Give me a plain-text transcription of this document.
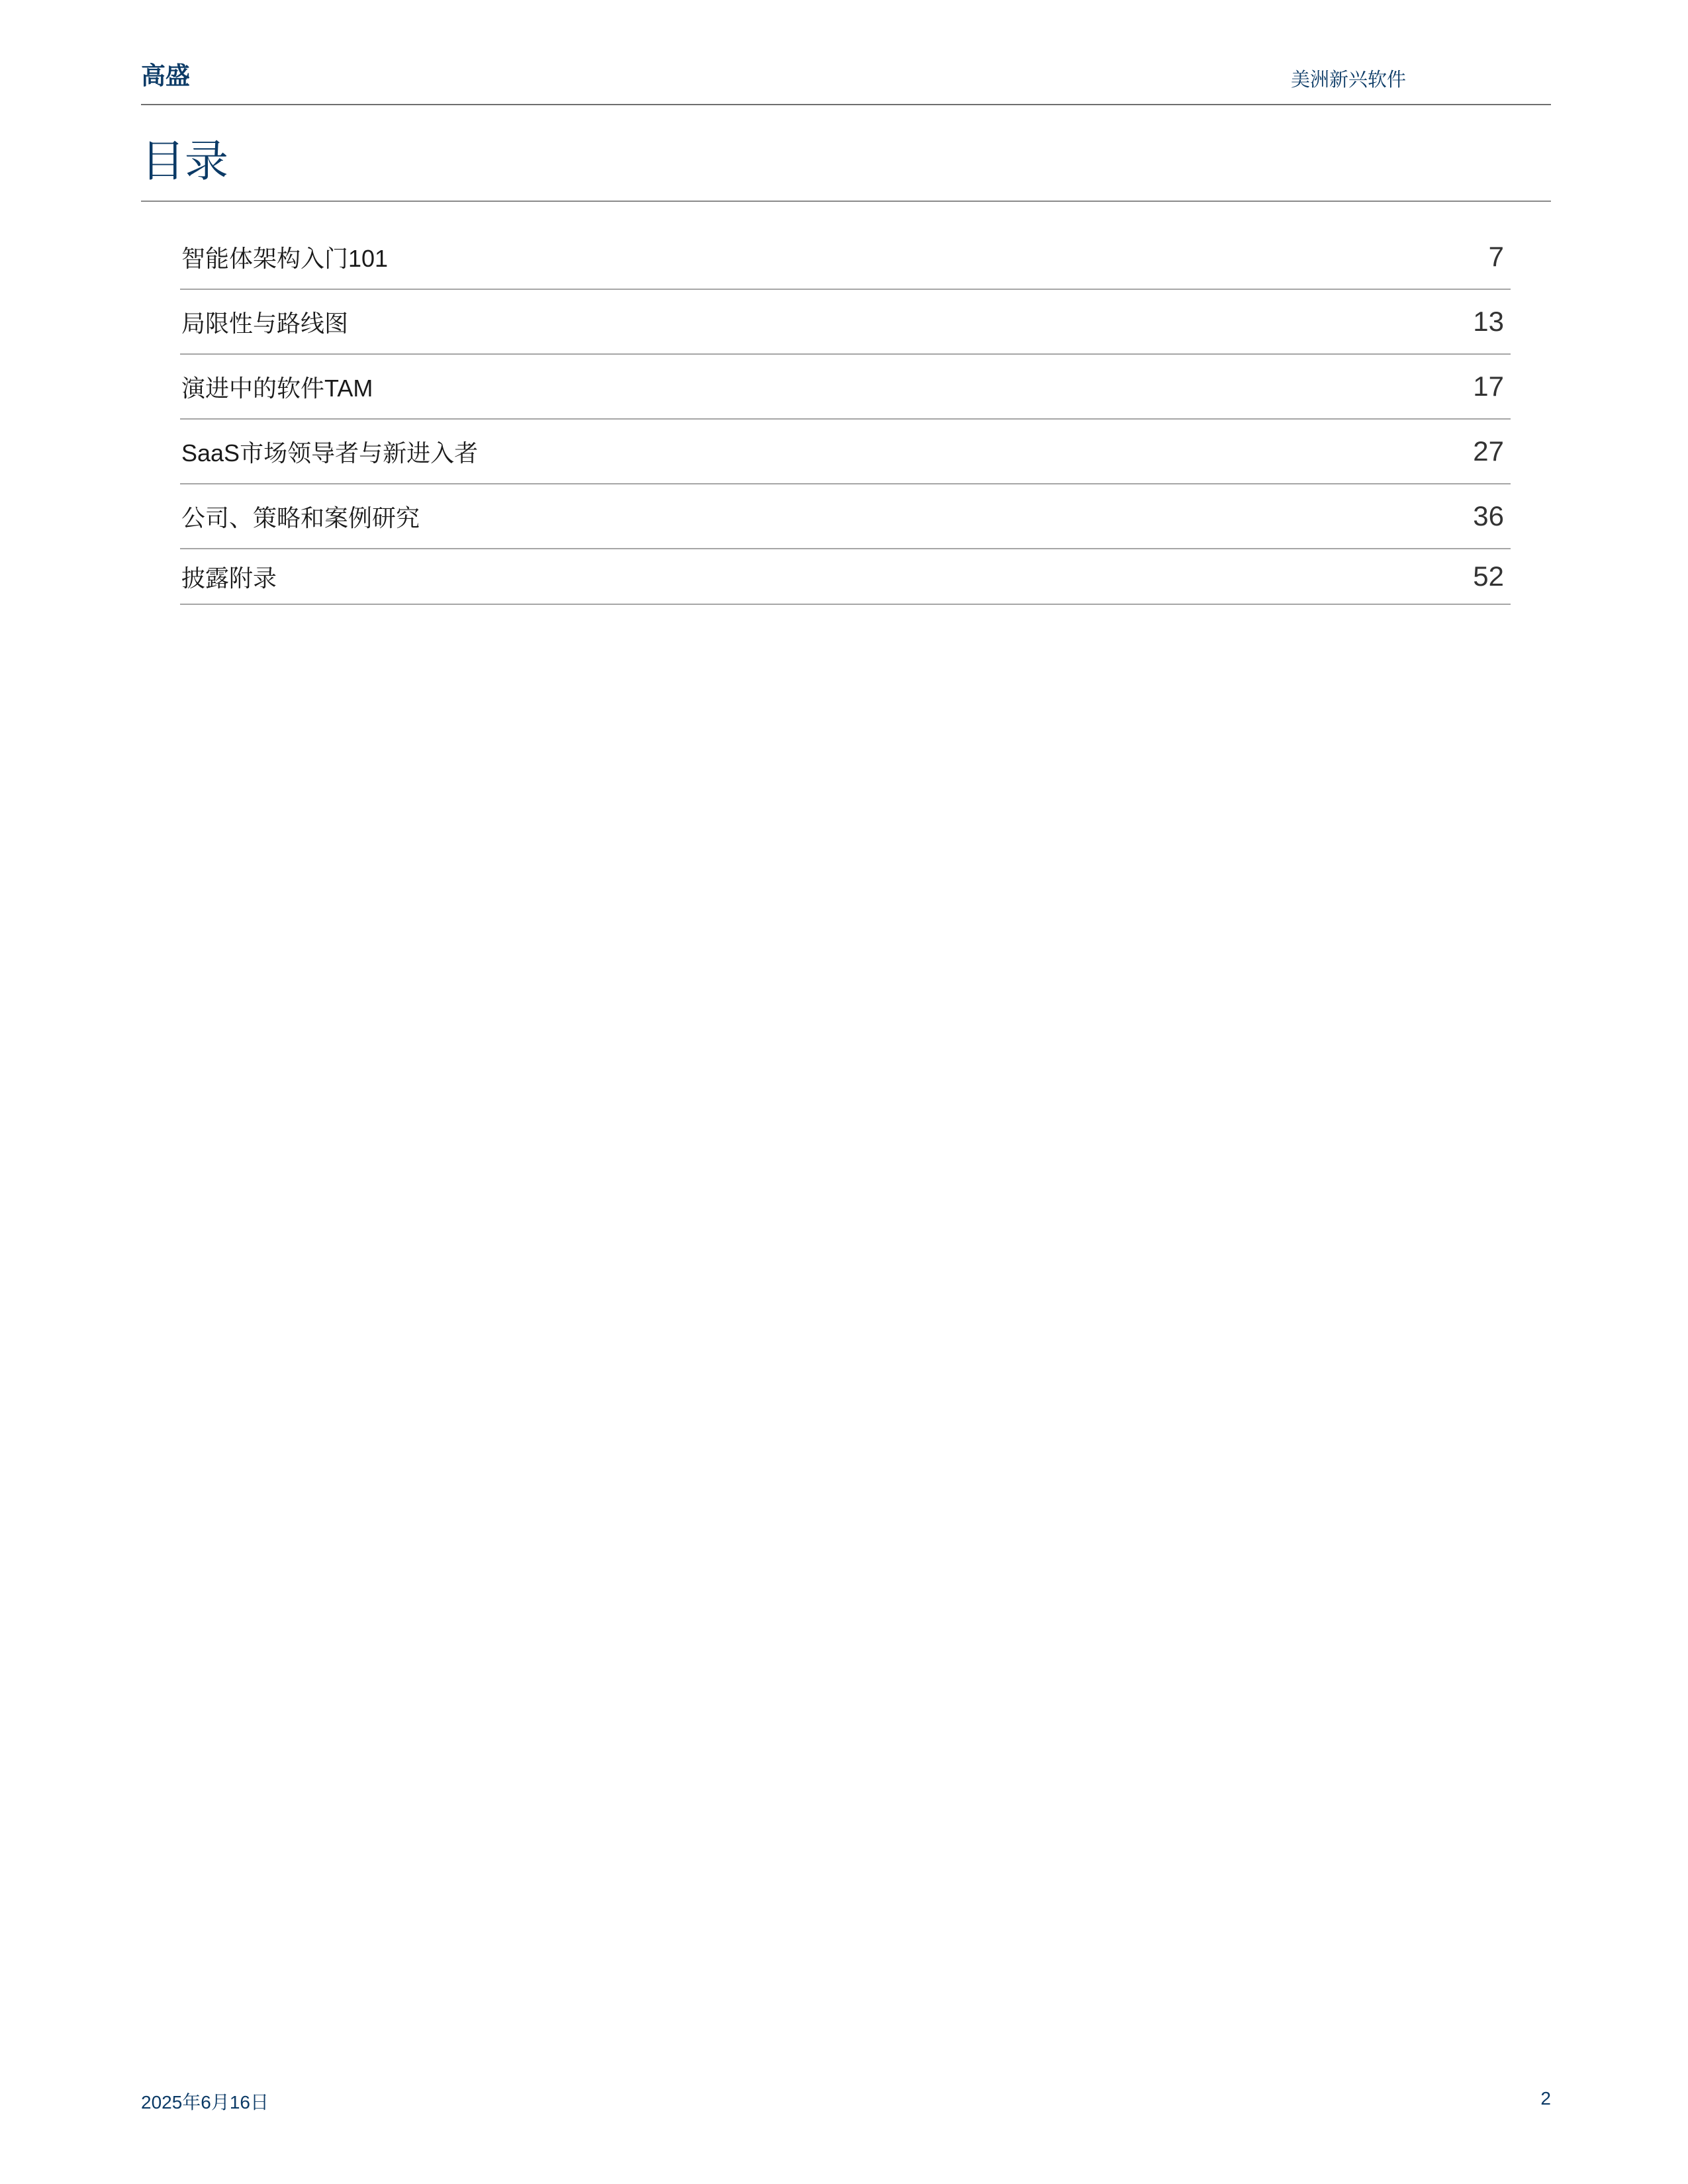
高盛	美洲新兴软件
目录
智能体架构入门101	7
局限性与路线图	13
演进中的软件TAM	17
SaaS市场领导者与新进入者	27
公司、策略和案例研究	36
披露附录	52
2025年6月16日	2
